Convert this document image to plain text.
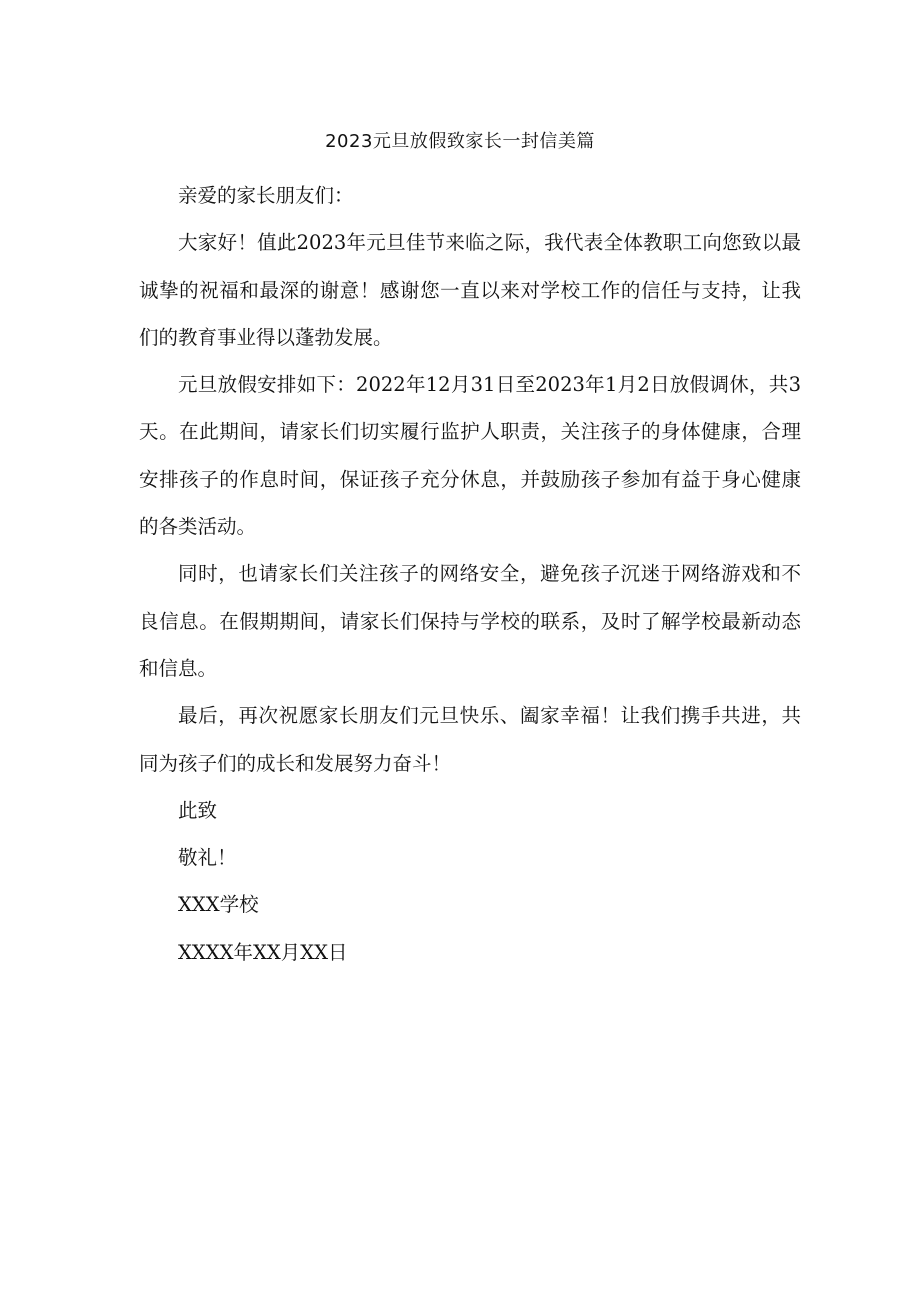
2023元旦放假致家长一封信美篇

亲爱的家长朋友们：

大家好！值此2023年元旦佳节来临之际，我代表全体教职工向您致以最诚挚的祝福和最深的谢意！感谢您一直以来对学校工作的信任与支持，让我们的教育事业得以蓬勃发展。

元旦放假安排如下：2022年12月31日至2023年1月2日放假调休，共3天。在此期间，请家长们切实履行监护人职责，关注孩子的身体健康，合理安排孩子的作息时间，保证孩子充分休息，并鼓励孩子参加有益于身心健康的各类活动。

同时，也请家长们关注孩子的网络安全，避免孩子沉迷于网络游戏和不良信息。在假期期间，请家长们保持与学校的联系，及时了解学校最新动态和信息。

最后，再次祝愿家长朋友们元旦快乐、阖家幸福！让我们携手共进，共同为孩子们的成长和发展努力奋斗！

此致

敬礼！

XXX学校

XXXX年XX月XX日
